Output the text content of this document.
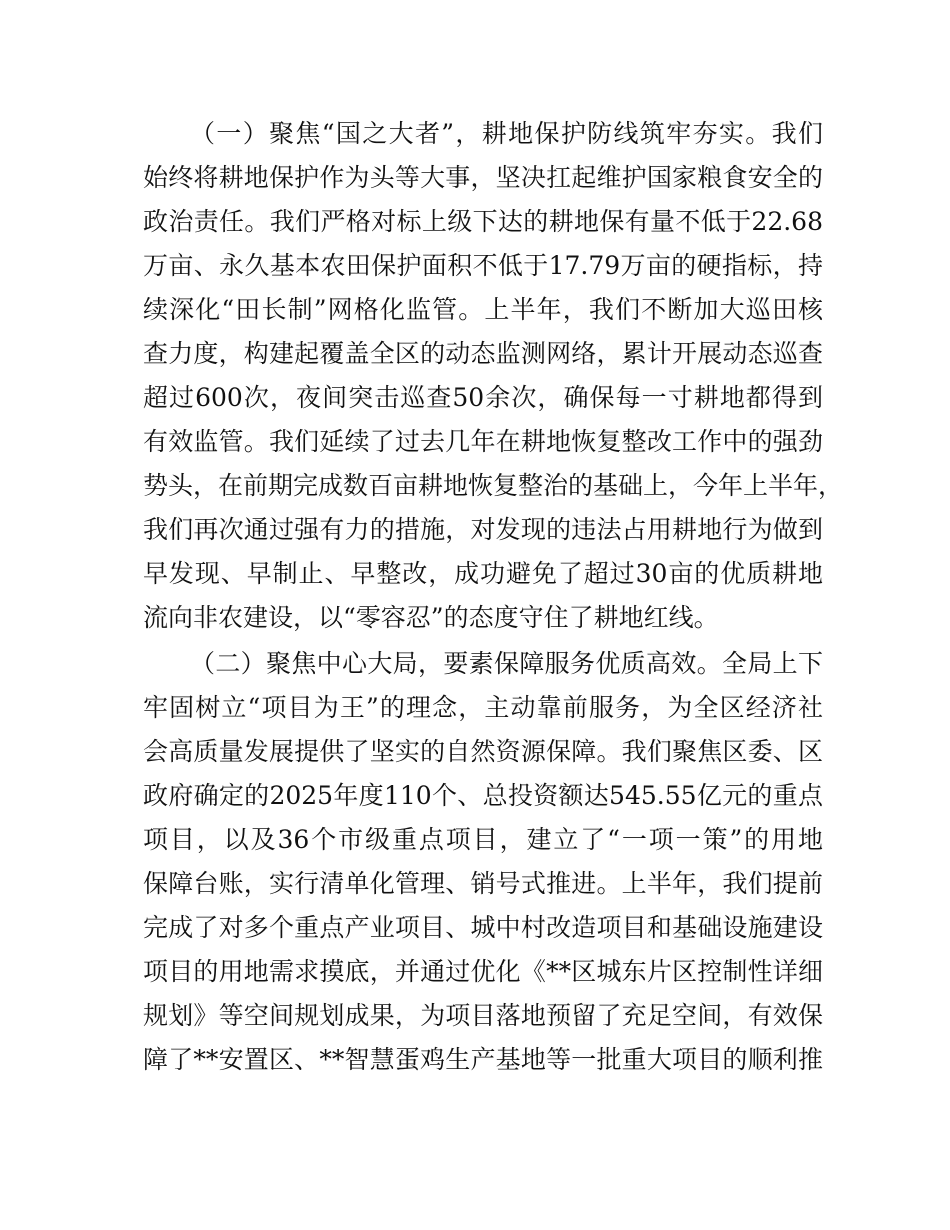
（一）聚焦“国之大者”，耕地保护防线筑牢夯实。我们
始终将耕地保护作为头等大事，坚决扛起维护国家粮食安全的
政治责任。我们严格对标上级下达的耕地保有量不低于22.68
万亩、永久基本农田保护面积不低于17.79万亩的硬指标，持
续深化“田长制”网格化监管。上半年，我们不断加大巡田核
查力度，构建起覆盖全区的动态监测网络，累计开展动态巡查
超过600次，夜间突击巡查50余次，确保每一寸耕地都得到
有效监管。我们延续了过去几年在耕地恢复整改工作中的强劲
势头，在前期完成数百亩耕地恢复整治的基础上，今年上半年，
我们再次通过强有力的措施，对发现的违法占用耕地行为做到
早发现、早制止、早整改，成功避免了超过30亩的优质耕地
流向非农建设，以“零容忍”的态度守住了耕地红线。
（二）聚焦中心大局，要素保障服务优质高效。全局上下
牢固树立“项目为王”的理念，主动靠前服务，为全区经济社
会高质量发展提供了坚实的自然资源保障。我们聚焦区委、区
政府确定的2025年度110个、总投资额达545.55亿元的重点
项目，以及36个市级重点项目，建立了“一项一策”的用地
保障台账，实行清单化管理、销号式推进。上半年，我们提前
完成了对多个重点产业项目、城中村改造项目和基础设施建设
项目的用地需求摸底，并通过优化《**区城东片区控制性详细
规划》等空间规划成果，为项目落地预留了充足空间，有效保
障了**安置区、**智慧蛋鸡生产基地等一批重大项目的顺利推
